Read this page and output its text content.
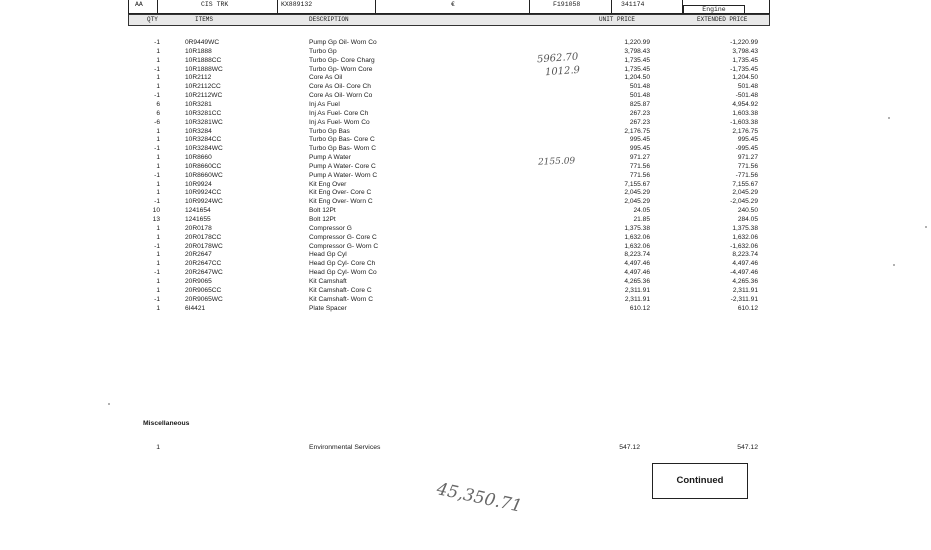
AA	CIS TRK	KX889132	€	F191058	341174
Engine
QTY	ITEMS	DESCRIPTION	UNIT PRICE	EXTENDED PRICE
-1	0R9449WC	Pump Gp Oil- Worn Co	1,220.99	-1,220.99
1	10R1888	Turbo Gp	3,798.43	3,798.43
1	10R1888CC	Turbo Gp- Core Charg	1,735.45	1,735.45
-1	10R1888WC	Turbo Gp- Worn Core	1,735.45	-1,735.45
1	10R2112	Core As Oil	1,204.50	1,204.50
1	10R2112CC	Core As Oil- Core Ch	501.48	501.48
-1	10R2112WC	Core As Oil- Worn Co	501.48	-501.48
6	10R3281	Inj As Fuel	825.87	4,954.92
6	10R3281CC	Inj As Fuel- Core Ch	267.23	1,603.38
-6	10R3281WC	Inj As Fuel- Worn Co	267.23	-1,603.38
1	10R3284	Turbo Gp Bas	2,176.75	2,176.75
1	10R3284CC	Turbo Gp Bas- Core C	995.45	995.45
-1	10R3284WC	Turbo Gp Bas- Worn C	995.45	-995.45
1	10R8660	Pump A Water	971.27	971.27
1	10R8660CC	Pump A Water- Core C	771.56	771.56
-1	10R8660WC	Pump A Water- Worn C	771.56	-771.56
1	10R9924	Kit Eng Over	7,155.67	7,155.67
1	10R9924CC	Kit Eng Over- Core C	2,045.29	2,045.29
-1	10R9924WC	Kit Eng Over- Worn C	2,045.29	-2,045.29
10	1241654	Bolt 12Pt	24.05	240.50
13	1241655	Bolt 12Pt	21.85	284.05
1	20R0178	Compressor G	1,375.38	1,375.38
1	20R0178CC	Compressor G- Core C	1,632.06	1,632.06
-1	20R0178WC	Compressor G- Worn C	1,632.06	-1,632.06
1	20R2647	Head Gp Cyl	8,223.74	8,223.74
1	20R2647CC	Head Gp Cyl- Core Ch	4,497.46	4,497.46
-1	20R2647WC	Head Gp Cyl- Worn Co	4,497.46	-4,497.46
1	20R9065	Kit Camshaft	4,265.36	4,265.36
1	20R9065CC	Kit Camshaft- Core C	2,311.91	2,311.91
-1	20R9065WC	Kit Camshaft- Worn C	2,311.91	-2,311.91
1	6I4421	Plate Spacer	610.12	610.12
Miscellaneous
1	Environmental Services	547.12	547.12
Continued
5962.70
1012.9
2155.09
45,350.71
